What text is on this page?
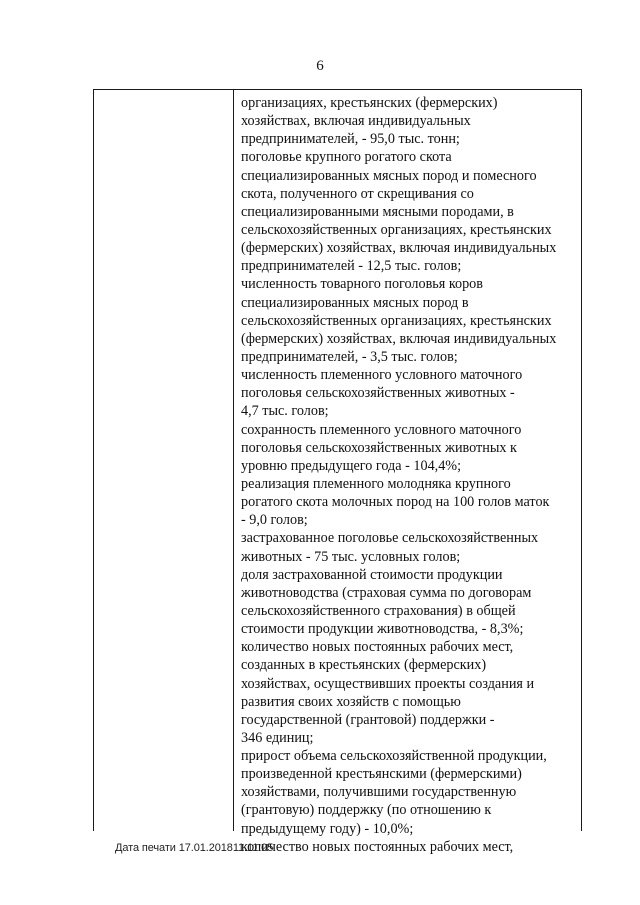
6
организациях, крестьянских (фермерских)
хозяйствах, включая индивидуальных
предпринимателей, - 95,0 тыс. тонн;
поголовье крупного рогатого скота
специализированных мясных пород и помесного
скота, полученного от скрещивания со
специализированными мясными породами, в
сельскохозяйственных организациях, крестьянских
(фермерских) хозяйствах, включая индивидуальных
предпринимателей - 12,5 тыс. голов;
численность товарного поголовья коров
специализированных мясных пород в
сельскохозяйственных организациях, крестьянских
(фермерских) хозяйствах, включая индивидуальных
предпринимателей, - 3,5 тыс. голов;
численность племенного условного маточного
поголовья сельскохозяйственных животных -
4,7 тыс. голов;
сохранность племенного условного маточного
поголовья сельскохозяйственных животных к
уровню предыдущего года - 104,4%;
реализация племенного молодняка крупного
рогатого скота молочных пород на 100 голов маток
- 9,0 голов;
застрахованное поголовье сельскохозяйственных
животных - 75 тыс. условных голов;
доля застрахованной стоимости продукции
животноводства (страховая сумма по договорам
сельскохозяйственного страхования) в общей
стоимости продукции животноводства, - 8,3%;
количество новых постоянных рабочих мест,
созданных в крестьянских (фермерских)
хозяйствах, осуществивших проекты создания и
развития своих хозяйств с помощью
государственной (грантовой) поддержки -
346 единиц;
прирост объема сельскохозяйственной продукции,
произведенной крестьянскими (фермерскими)
хозяйствами, получившими государственную
(грантовую) поддержку (по отношению к
предыдущему году) - 10,0%;
количество новых постоянных рабочих мест,
Дата печати 17.01.201811:11:05
